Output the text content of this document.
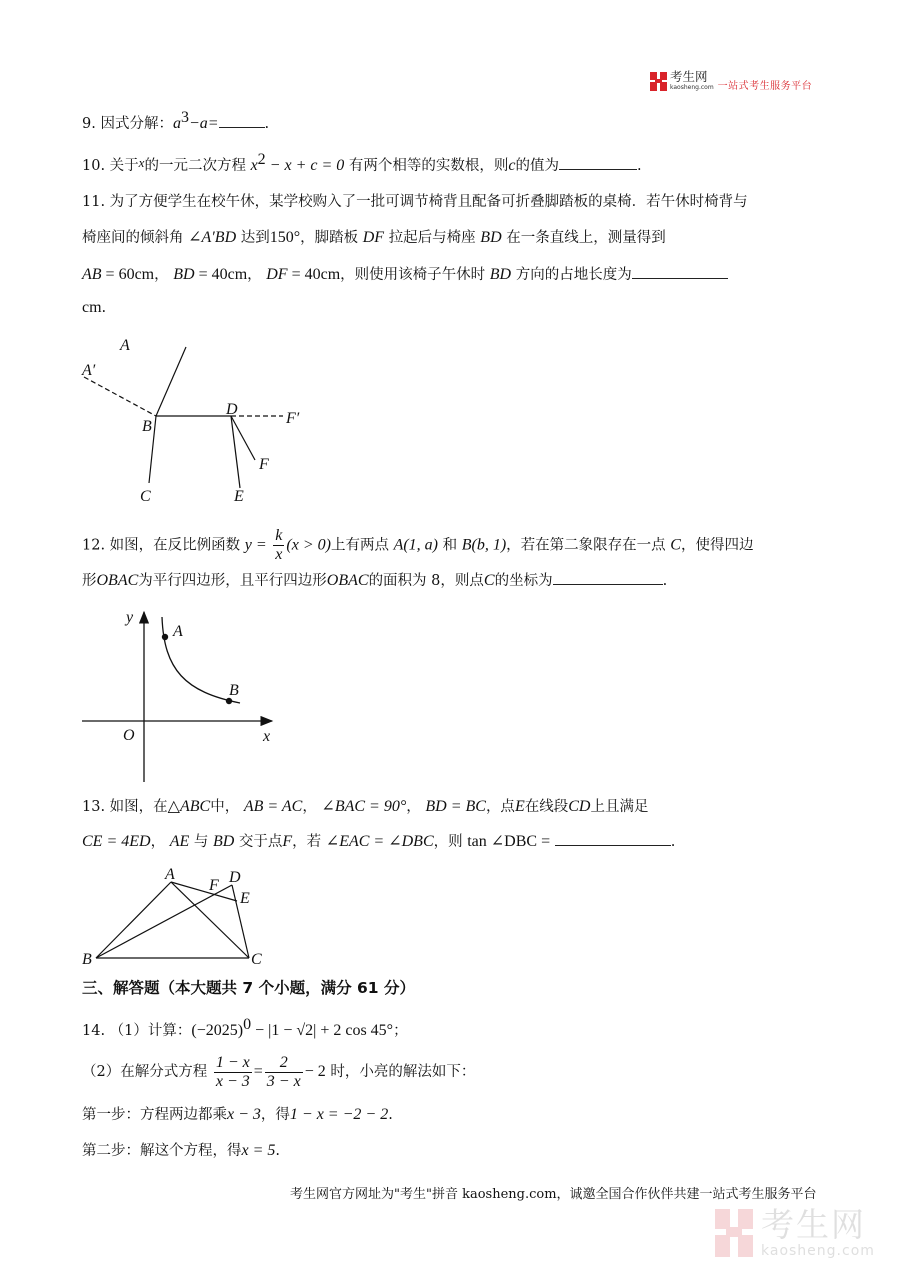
考生网
kaosheng.com 一站式考生服务平台
9. 因式分解：$a^3-a=$	.
10. 关于x的一元二次方程 $x^2 - x + c = 0$ 有两个相等的实数根，则c的值为	.
11. 为了方便学生在校午休，某学校购入了一批可调节椅背且配备可折叠脚踏板的桌椅．若午休时椅背与
椅座间的倾斜角 ∠A′BD 达到150°，脚踏板 DF 拉起后与椅座 BD 在一条直线上，测量得到
AB = 60cm， BD = 40cm， DF = 40cm，则使用该椅子午休时 BD 方向的占地长度为
cm.
A
A′
B
C
D
F′
F
E
12. 如图，在反比例函数 $y = \frac{k}{x} (x > 0)$上有两点 A(1, a) 和 B(b, 1)，若在第二象限存在一点 C，使得四边
形OBAC为平行四边形，且平行四边形OBAC的面积为 8，则点C的坐标为	.
y
A
B
O	x
13. 如图，在△ABC中， AB = AC， ∠BAC = 90°， BD = BC，点E在线段CD上且满足
CE = 4ED， AE 与 BD 交于点F，若 ∠EAC = ∠DBC，则 tan ∠DBC =	.
A
F D
E
B	C
三、解答题（本大题共 7 个小题，满分 61 分）
14. （1）计算：$(-2025)^0 - |1 - √2| + 2$ cos 45°；
（2）在解分式方程 $\frac{1 - x}{x - 3} = \frac{2}{3 - x} - 2$ 时，小亮的解法如下：
第一步：方程两边都乘x − 3，得1 − x = −2 − 2.
第二步：解这个方程，得x = 5.
考生网官方网址为"考生"拼音 kaosheng.com，诚邀全国合作伙伴共建一站式考生服务平台
考生网
kaosheng.com
